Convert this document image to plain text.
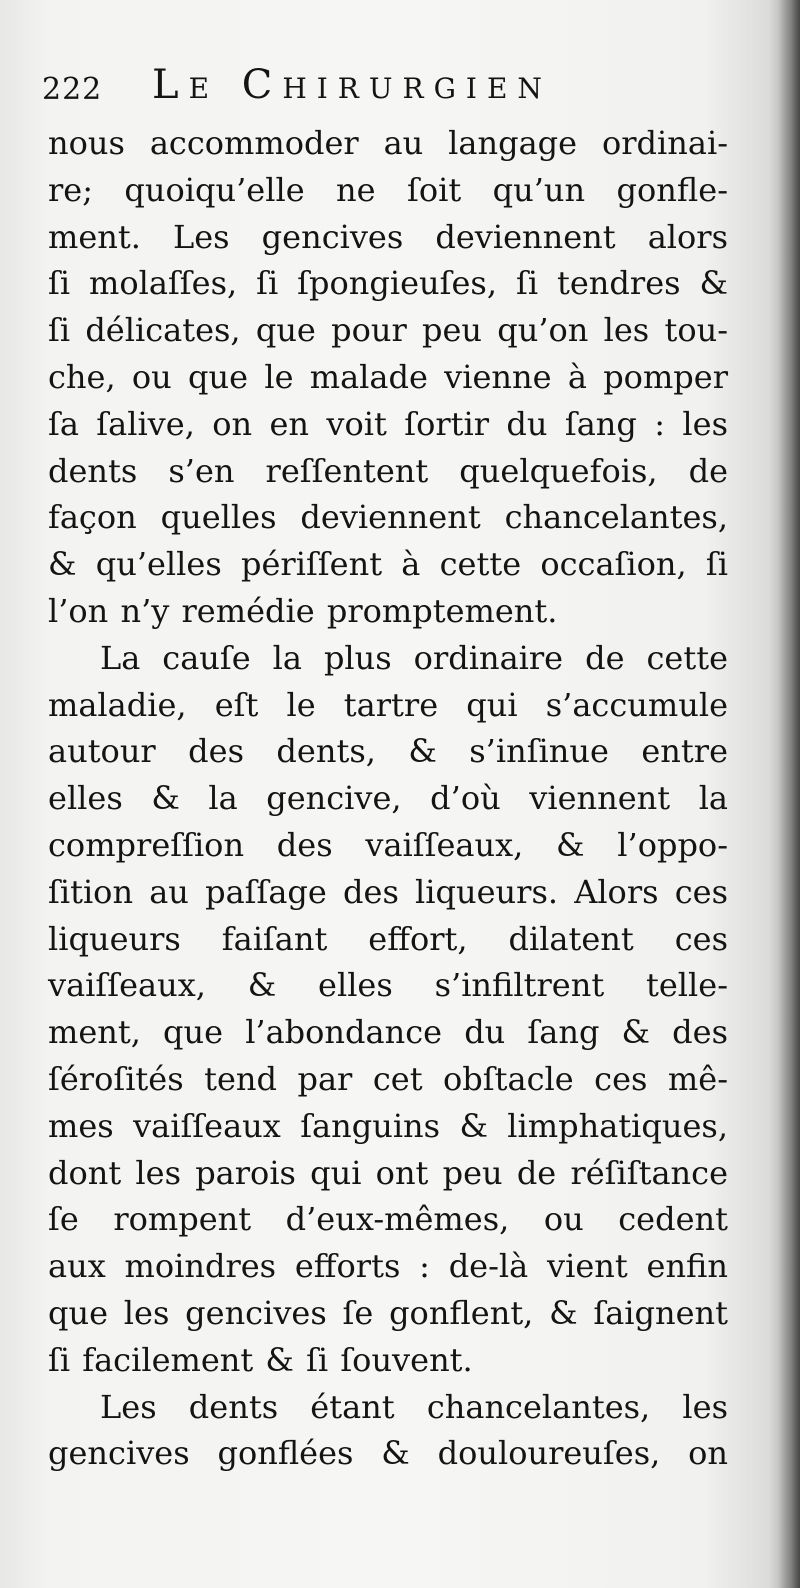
222 Le Chirurgien
nous accommoder au langage ordinai-
re; quoiqu’elle ne ſoit qu’un gonfle-
ment. Les gencives deviennent alors
ſi molaſſes, ſi ſpongieuſes, ſi tendres &
ſi délicates, que pour peu qu’on les tou-
che, ou que le malade vienne à pomper
ſa ſalive, on en voit ſortir du ſang : les
dents s’en reſſentent quelquefois, de
façon quelles deviennent chancelantes,
& qu’elles périſſent à cette occaſion, ſi
l’on n’y remédie promptement.
La cauſe la plus ordinaire de cette
maladie, eſt le tartre qui s’accumule
autour des dents, & s’inſinue entre
elles & la gencive, d’où viennent la
compreſſion des vaiſſeaux, & l’oppo-
ſition au paſſage des liqueurs. Alors ces
liqueurs faiſant effort, dilatent ces
vaiſſeaux, & elles s’infiltrent telle-
ment, que l’abondance du ſang & des
ſéroſités tend par cet obſtacle ces mê-
mes vaiſſeaux ſanguins & limphatiques,
dont les parois qui ont peu de réſiſtance
ſe rompent d’eux-mêmes, ou cedent
aux moindres efforts : de-là vient enfin
que les gencives ſe gonflent, & ſaignent
ſi facilement & ſi ſouvent.
Les dents étant chancelantes, les
gencives gonflées & douloureuſes, on
